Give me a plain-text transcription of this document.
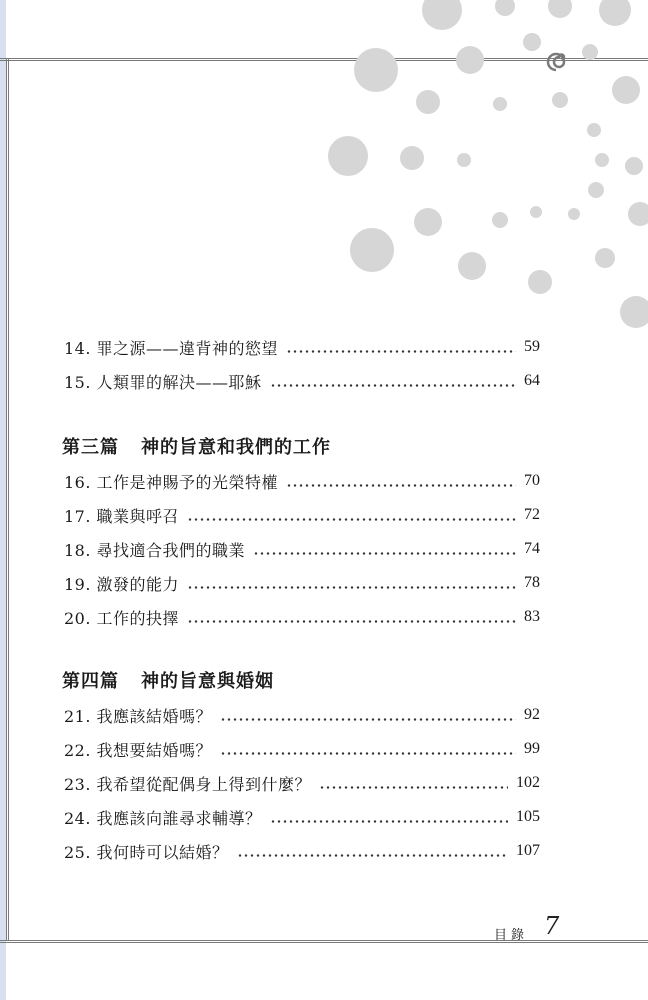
14. 罪之源——違背神的慾望	59
15. 人類罪的解決——耶穌	64
第三篇 神的旨意和我們的工作
16. 工作是神賜予的光榮特權	70
17. 職業與呼召	72
18. 尋找適合我們的職業	74
19. 激發的能力	78
20. 工作的抉擇	83
第四篇 神的旨意與婚姻
21. 我應該結婚嗎？	92
22. 我想要結婚嗎？	99
23. 我希望從配偶身上得到什麼？	102
24. 我應該向誰尋求輔導？	105
25. 我何時可以結婚？	107
目錄 7
